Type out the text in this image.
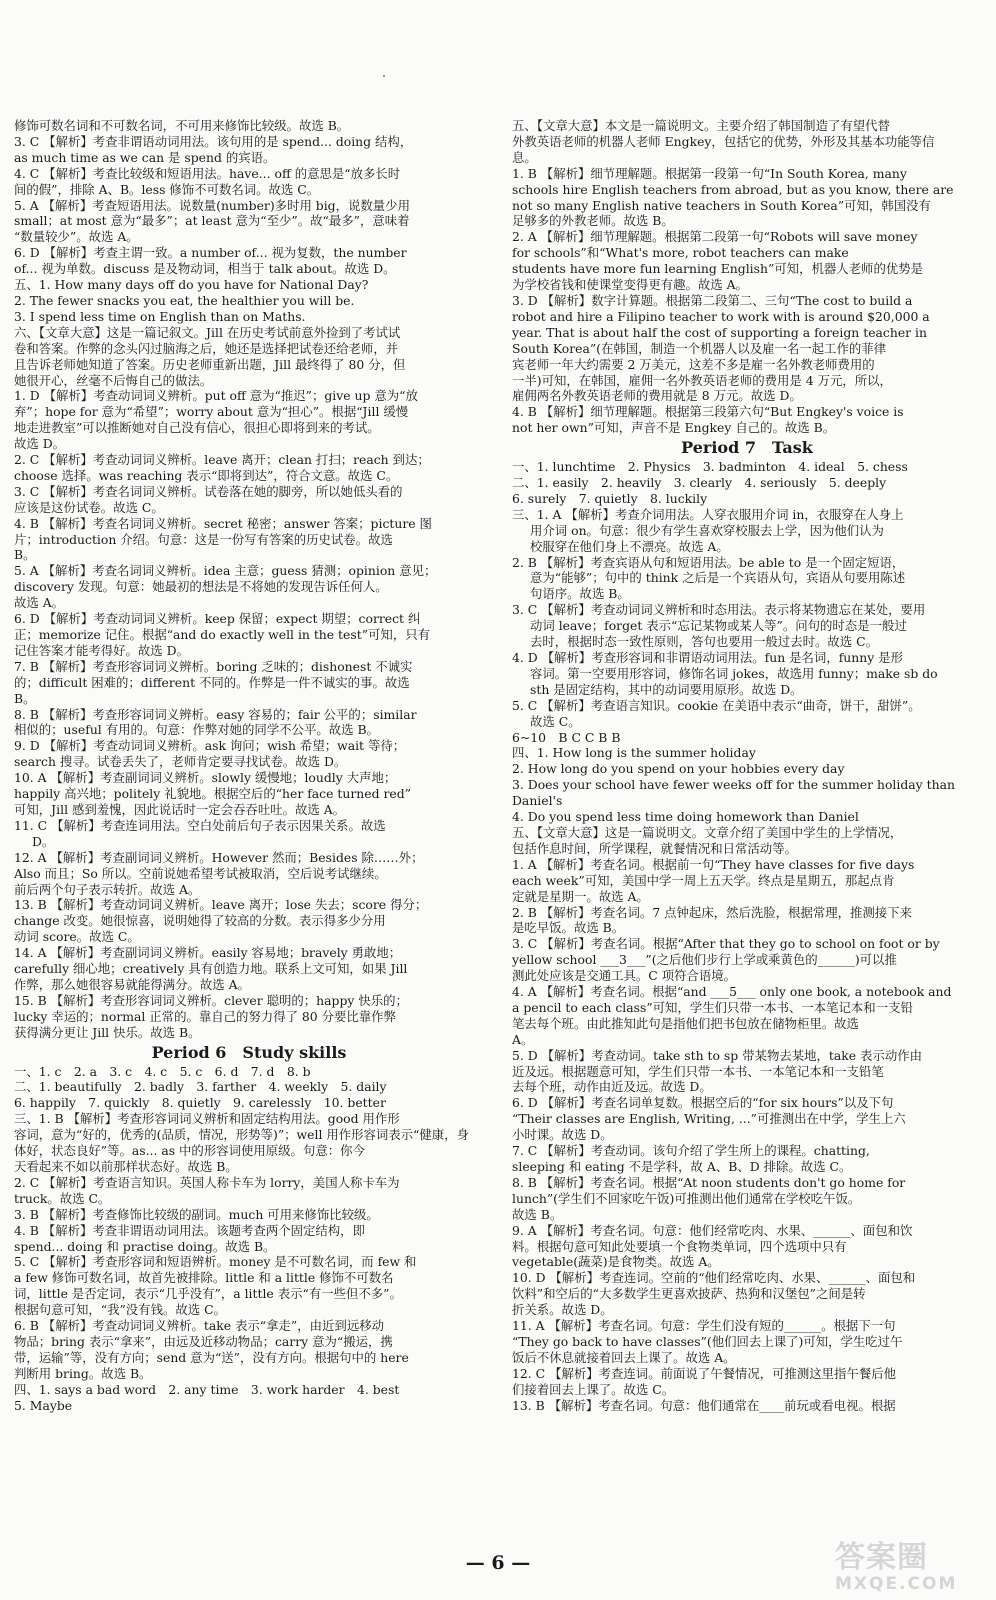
修饰可数名词和不可数名词，不可用来修饰比较级。故选 B。
3. C 【解析】考查非谓语动词用法。该句用的是 spend... doing 结构，
as much time as we can 是 spend 的宾语。
4. C 【解析】考查比较级和短语用法。have... off 的意思是“放多长时
间的假”，排除 A、B。less 修饰不可数名词。故选 C。
5. A 【解析】考查短语用法。说数量(number)多时用 big，说数量少用
small；at most 意为“最多”；at least 意为“至少”。故“最多”，意味着
“数量较少”。故选 A。
6. D 【解析】考查主谓一致。a number of... 视为复数，the number
of... 视为单数。discuss 是及物动词，相当于 talk about。故选 D。
五、1. How many days off do you have for National Day?
2. The fewer snacks you eat, the healthier you will be.
3. I spend less time on English than on Maths.
六、【文章大意】这是一篇记叙文。Jill 在历史考试前意外捡到了考试试
卷和答案。作弊的念头闪过脑海之后，她还是选择把试卷还给老师，并
且告诉老师她知道了答案。历史老师重新出题，Jill 最终得了 80 分，但
她很开心，丝毫不后悔自己的做法。
1. D 【解析】考查动词词义辨析。put off 意为“推迟”；give up 意为“放
弃”；hope for 意为“希望”；worry about 意为“担心”。根据“Jill 缓慢
地走进教室”可以推断她对自己没有信心，很担心即将到来的考试。
故选 D。
2. C 【解析】考查动词词义辨析。leave 离开；clean 打扫；reach 到达；
choose 选择。was reaching 表示“即将到达”，符合文意。故选 C。
3. C 【解析】考查名词词义辨析。试卷落在她的脚旁，所以她低头看的
应该是这份试卷。故选 C。
4. B 【解析】考查名词词义辨析。secret 秘密；answer 答案；picture 图
片；introduction 介绍。句意：这是一份写有答案的历史试卷。故选
B。
5. A 【解析】考查名词词义辨析。idea 主意；guess 猜测；opinion 意见；
discovery 发现。句意：她最初的想法是不将她的发现告诉任何人。
故选 A。
6. D 【解析】考查动词词义辨析。keep 保留；expect 期望；correct 纠
正；memorize 记住。根据“and do exactly well in the test”可知，只有
记住答案才能考得好。故选 D。
7. B 【解析】考查形容词词义辨析。boring 乏味的；dishonest 不诚实
的；difficult 困难的；different 不同的。作弊是一件不诚实的事。故选
B。
8. B 【解析】考查形容词词义辨析。easy 容易的；fair 公平的；similar
相似的；useful 有用的。句意：作弊对她的同学不公平。故选 B。
9. D 【解析】考查动词词义辨析。ask 询问；wish 希望；wait 等待；
search 搜寻。试卷丢失了，老师肯定要寻找试卷。故选 D。
10. A 【解析】考查副词词义辨析。slowly 缓慢地；loudly 大声地；
happily 高兴地；politely 礼貌地。根据空后的“her face turned red”
可知，Jill 感到羞愧，因此说话时一定会吞吞吐吐。故选 A。
11. C 【解析】考查连词用法。空白处前后句子表示因果关系。故选
D。
12. A 【解析】考查副词词义辨析。However 然而；Besides 除……外；
Also 而且；So 所以。空前说她希望考试被取消，空后说考试继续。
前后两个句子表示转折。故选 A。
13. B 【解析】考查动词词义辨析。leave 离开；lose 失去；score 得分；
change 改变。她很惊喜，说明她得了较高的分数。表示得多少分用
动词 score。故选 C。
14. A 【解析】考查副词词义辨析。easily 容易地；bravely 勇敢地；
carefully 细心地；creatively 具有创造力地。联系上文可知，如果 Jill
作弊，那么她很容易就能得满分。故选 A。
15. B 【解析】考查形容词词义辨析。clever 聪明的；happy 快乐的；
lucky 幸运的；normal 正常的。靠自己的努力得了 80 分要比靠作弊
获得满分更让 Jill 快乐。故选 B。
Period 6　Study skills
一、1. c　2. a　3. c　4. c　5. c　6. d　7. d　8. b
二、1. beautifully　2. badly　3. farther　4. weekly　5. daily
6. happily　7. quickly　8. quietly　9. carelessly　10. better
三、1. B 【解析】考查形容词词义辨析和固定结构用法。good 用作形
容词，意为“好的，优秀的(品质，情况，形势等)”；well 用作形容词表示“健康，身
体好，状态良好”等。as... as 中的形容词使用原级。句意：你今
天看起来不如以前那样状态好。故选 B。
2. C 【解析】考查语言知识。英国人称卡车为 lorry，美国人称卡车为
truck。故选 C。
3. B 【解析】考查修饰比较级的副词。much 可用来修饰比较级。
4. B 【解析】考查非谓语动词用法。该题考查两个固定结构，即
spend... doing 和 practise doing。故选 B。
5. C 【解析】考查形容词和短语辨析。money 是不可数名词，而 few 和
a few 修饰可数名词，故首先被排除。little 和 a little 修饰不可数名
词，little 是否定词，表示“几乎没有”，a little 表示“有一些但不多”。
根据句意可知，“我”没有钱。故选 C。
6. B 【解析】考查动词词义辨析。take 表示“拿走”，由近到远移动
物品；bring 表示“拿来”，由远及近移动物品；carry 意为“搬运，携
带，运输”等，没有方向；send 意为“送”，没有方向。根据句中的 here
判断用 bring。故选 B。
四、1. says a bad word　2. any time　3. work harder　4. best
5. Maybe
五、【文章大意】本文是一篇说明文。主要介绍了韩国制造了有望代替
外教英语老师的机器人老师 Engkey，包括它的优势，外形及其基本功能等信
息。
1. B 【解析】细节理解题。根据第一段第一句“In South Korea, many
schools hire English teachers from abroad, but as you know, there are
not so many English native teachers in South Korea”可知，韩国没有
足够多的外教老师。故选 B。
2. A 【解析】细节理解题。根据第二段第一句“Robots will save money
for schools”和“What's more, robot teachers can make
students have more fun learning English”可知，机器人老师的优势是
为学校省钱和使课堂变得更有趣。故选 A。
3. D 【解析】数字计算题。根据第二段第二、三句“The cost to build a
robot and hire a Filipino teacher to work with is around $20,000 a
year. That is about half the cost of supporting a foreign teacher in
South Korea”(在韩国，制造一个机器人以及雇一名一起工作的菲律
宾老师一年大约需要 2 万美元，这差不多是雇一名外教老师费用的
一半)可知，在韩国，雇佣一名外教英语老师的费用是 4 万元，所以，
雇佣两名外教英语老师的费用就是 8 万元。故选 D。
4. B 【解析】细节理解题。根据第三段第六句“But Engkey's voice is
not her own”可知，声音不是 Engkey 自己的。故选 B。
Period 7　Task
一、1. lunchtime　2. Physics　3. badminton　4. ideal　5. chess
二、1. easily　2. heavily　3. clearly　4. seriously　5. deeply
6. surely　7. quietly　8. luckily
三、1. A 【解析】考查介词用法。人穿衣服用介词 in，衣服穿在人身上
用介词 on。句意：很少有学生喜欢穿校服去上学，因为他们认为
校服穿在他们身上不漂亮。故选 A。
2. B 【解析】考查宾语从句和短语用法。be able to 是一个固定短语，
意为“能够”；句中的 think 之后是一个宾语从句，宾语从句要用陈述
句语序。故选 B。
3. C 【解析】考查动词词义辨析和时态用法。表示将某物遗忘在某处，要用
动词 leave；forget 表示“忘记某物或某人等”。问句的时态是一般过
去时，根据时态一致性原则，答句也要用一般过去时。故选 C。
4. D 【解析】考查形容词和非谓语动词用法。fun 是名词，funny 是形
容词。第一空要用形容词，修饰名词 jokes，故选用 funny；make sb do
sth 是固定结构，其中的动词要用原形。故选 D。
5. C 【解析】考查语言知识。cookie 在美语中表示“曲奇，饼干，甜饼”。
故选 C。
6~10　B C C B B
四、1. How long is the summer holiday
2. How long do you spend on your hobbies every day
3. Does your school have fewer weeks off for the summer holiday than
Daniel's
4. Do you spend less time doing homework than Daniel
五、【文章大意】这是一篇说明文。文章介绍了美国中学生的上学情况，
包括作息时间，所学课程，就餐情况和日常活动等。
1. A 【解析】考查名词。根据前一句“They have classes for five days
each week”可知，美国中学一周上五天学。终点是星期五，那起点肯
定就是星期一。故选 A。
2. B 【解析】考查名词。7 点钟起床，然后洗脸，根据常理，推测接下来
是吃早饭。故选 B。
3. C 【解析】考查名词。根据“After that they go to school on foot or by
yellow school ___3___”(之后他们步行上学或乘黄色的______)可以推
测此处应该是交通工具。C 项符合语境。
4. A 【解析】考查名词。根据“and ___5___ only one book, a notebook and
a pencil to each class”可知，学生们只带一本书、一本笔记本和一支铅
笔去每个班。由此推知此句是指他们把书包放在储物柜里。故选
A。
5. D 【解析】考查动词。take sth to sp 带某物去某地，take 表示动作由
近及远。根据题意可知，学生们只带一本书、一本笔记本和一支铅笔
去每个班，动作由近及远。故选 D。
6. D 【解析】考查名词单复数。根据空后的“for six hours”以及下句
“Their classes are English, Writing, ...”可推测出在中学，学生上六
小时课。故选 D。
7. C 【解析】考查动词。该句介绍了学生所上的课程。chatting,
sleeping 和 eating 不是学科，故 A、B、D 排除。故选 C。
8. B 【解析】考查名词。根据“At noon students don't go home for
lunch”(学生们不回家吃午饭)可推测出他们通常在学校吃午饭。
故选 B。
9. A 【解析】考查名词。句意：他们经常吃肉、水果、______、面包和饮
料。根据句意可知此处要填一个食物类单词，四个选项中只有
vegetable(蔬菜)是食物类。故选 A。
10. D 【解析】考查连词。空前的“他们经常吃肉、水果、______、面包和
饮料”和空后的“大多数学生更喜欢披萨、热狗和汉堡包”之间是转
折关系。故选 D。
11. A 【解析】考查名词。句意：学生们没有短的______。根据下一句
“They go back to have classes”(他们回去上课了)可知，学生吃过午
饭后不休息就接着回去上课了。故选 A。
12. C 【解析】考查连词。前面说了午餐情况，可推测这里指午餐后他
们接着回去上课了。故选 C。
13. B 【解析】考查名词。句意：他们通常在____前玩或看电视。根据
— 6 —	答案圈
MXQE.COM
